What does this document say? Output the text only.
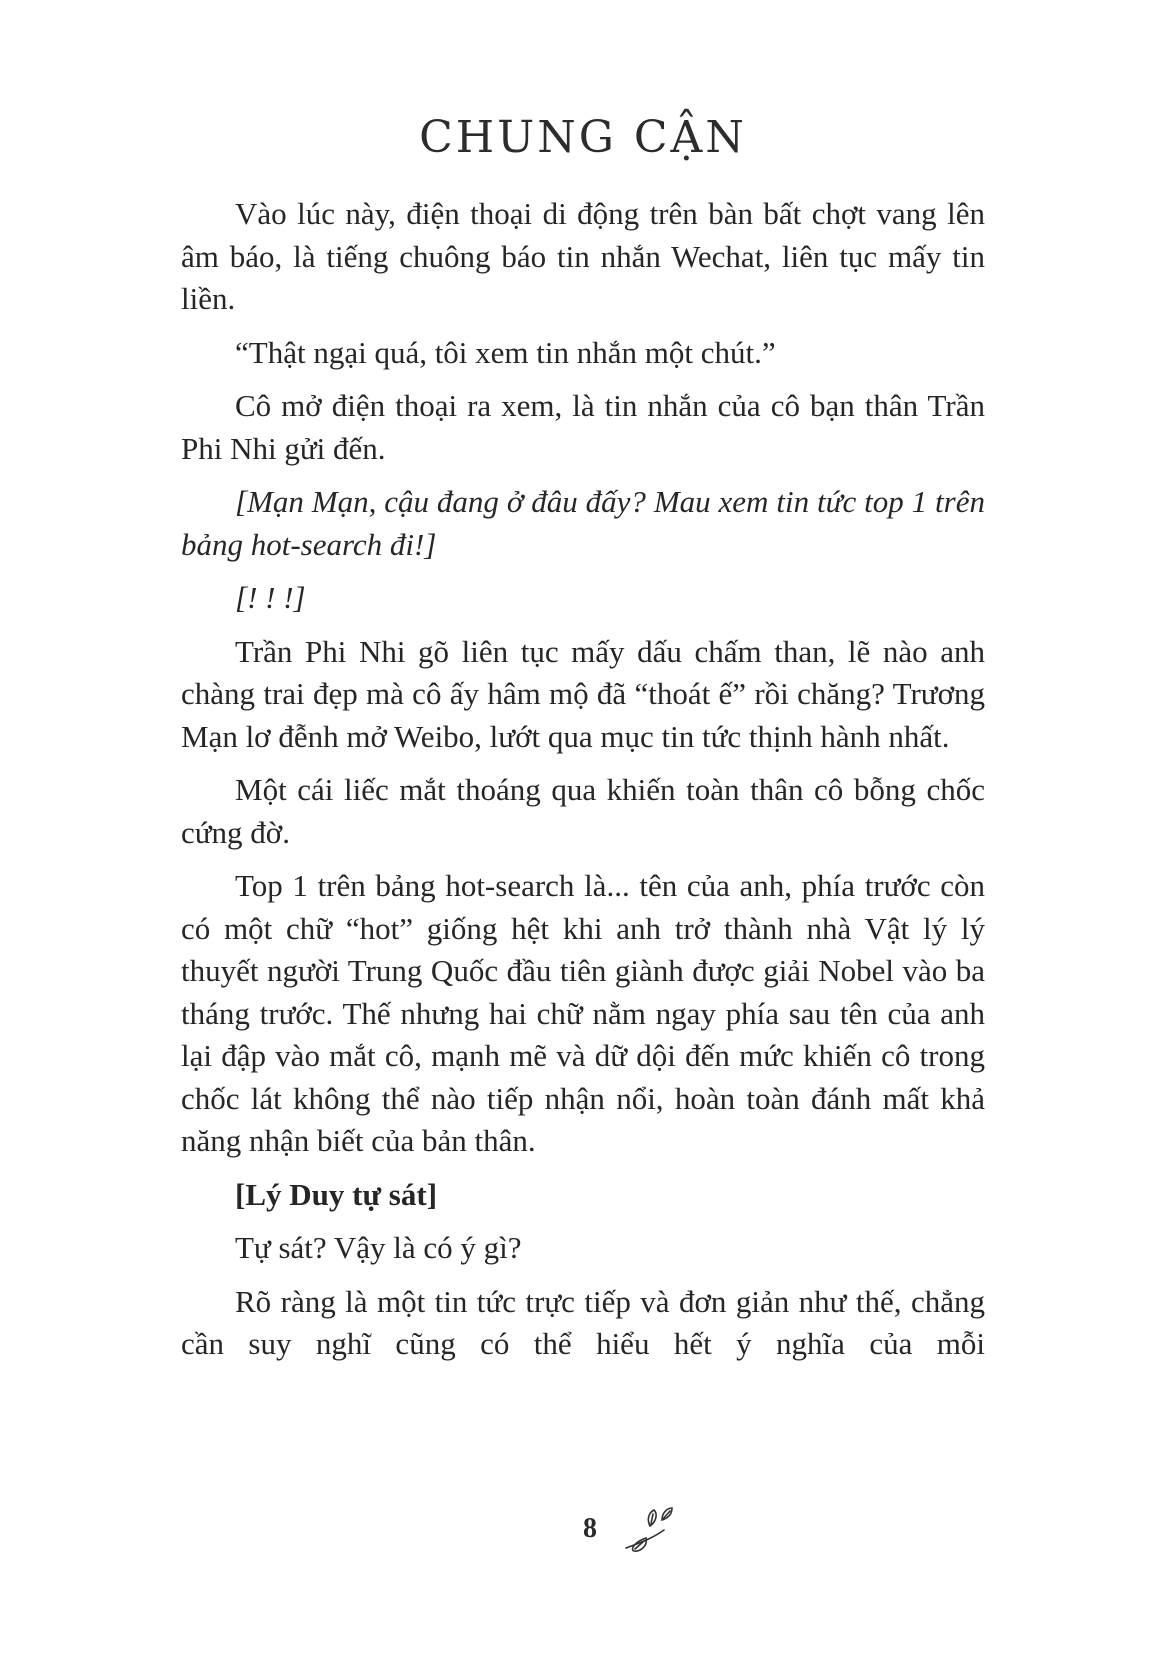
CHUNG CẬN

Vào lúc này, điện thoại di động trên bàn bất chợt vang lên âm báo, là tiếng chuông báo tin nhắn Wechat, liên tục mấy tin liền.

“Thật ngại quá, tôi xem tin nhắn một chút.”

Cô mở điện thoại ra xem, là tin nhắn của cô bạn thân Trần Phi Nhi gửi đến.

[Mạn Mạn, cậu đang ở đâu đấy? Mau xem tin tức top 1 trên bảng hot-search đi!]

[! ! !]

Trần Phi Nhi gõ liên tục mấy dấu chấm than, lẽ nào anh chàng trai đẹp mà cô ấy hâm mộ đã “thoát ế” rồi chăng? Trương Mạn lơ đễnh mở Weibo, lướt qua mục tin tức thịnh hành nhất.

Một cái liếc mắt thoáng qua khiến toàn thân cô bỗng chốc cứng đờ.

Top 1 trên bảng hot-search là... tên của anh, phía trước còn có một chữ “hot” giống hệt khi anh trở thành nhà Vật lý lý thuyết người Trung Quốc đầu tiên giành được giải Nobel vào ba tháng trước. Thế nhưng hai chữ nằm ngay phía sau tên của anh lại đập vào mắt cô, mạnh mẽ và dữ dội đến mức khiến cô trong chốc lát không thể nào tiếp nhận nổi, hoàn toàn đánh mất khả năng nhận biết của bản thân.

[Lý Duy tự sát]

Tự sát? Vậy là có ý gì?

Rõ ràng là một tin tức trực tiếp và đơn giản như thế, chẳng cần suy nghĩ cũng có thể hiểu hết ý nghĩa của mỗi

8
